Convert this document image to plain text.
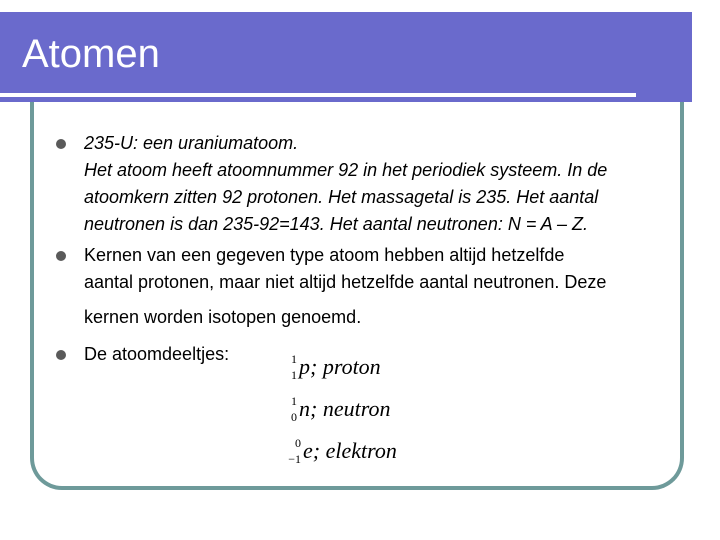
Atomen
235-U: een uraniumatoom.
Het atoom heeft atoomnummer 92 in het periodiek systeem. In de
atoomkern zitten 92 protonen. Het massagetal is 235. Het aantal
neutronen is dan 235-92=143. Het aantal neutronen: N = A – Z.
Kernen van een gegeven type atoom hebben altijd hetzelfde
aantal protonen, maar niet altijd hetzelfde aantal neutronen. Deze
kernen worden isotopen genoemd.
De atoomdeeltjes:	1
1 p; proton
1
0 n; neutron
0
−1 e; elektron
